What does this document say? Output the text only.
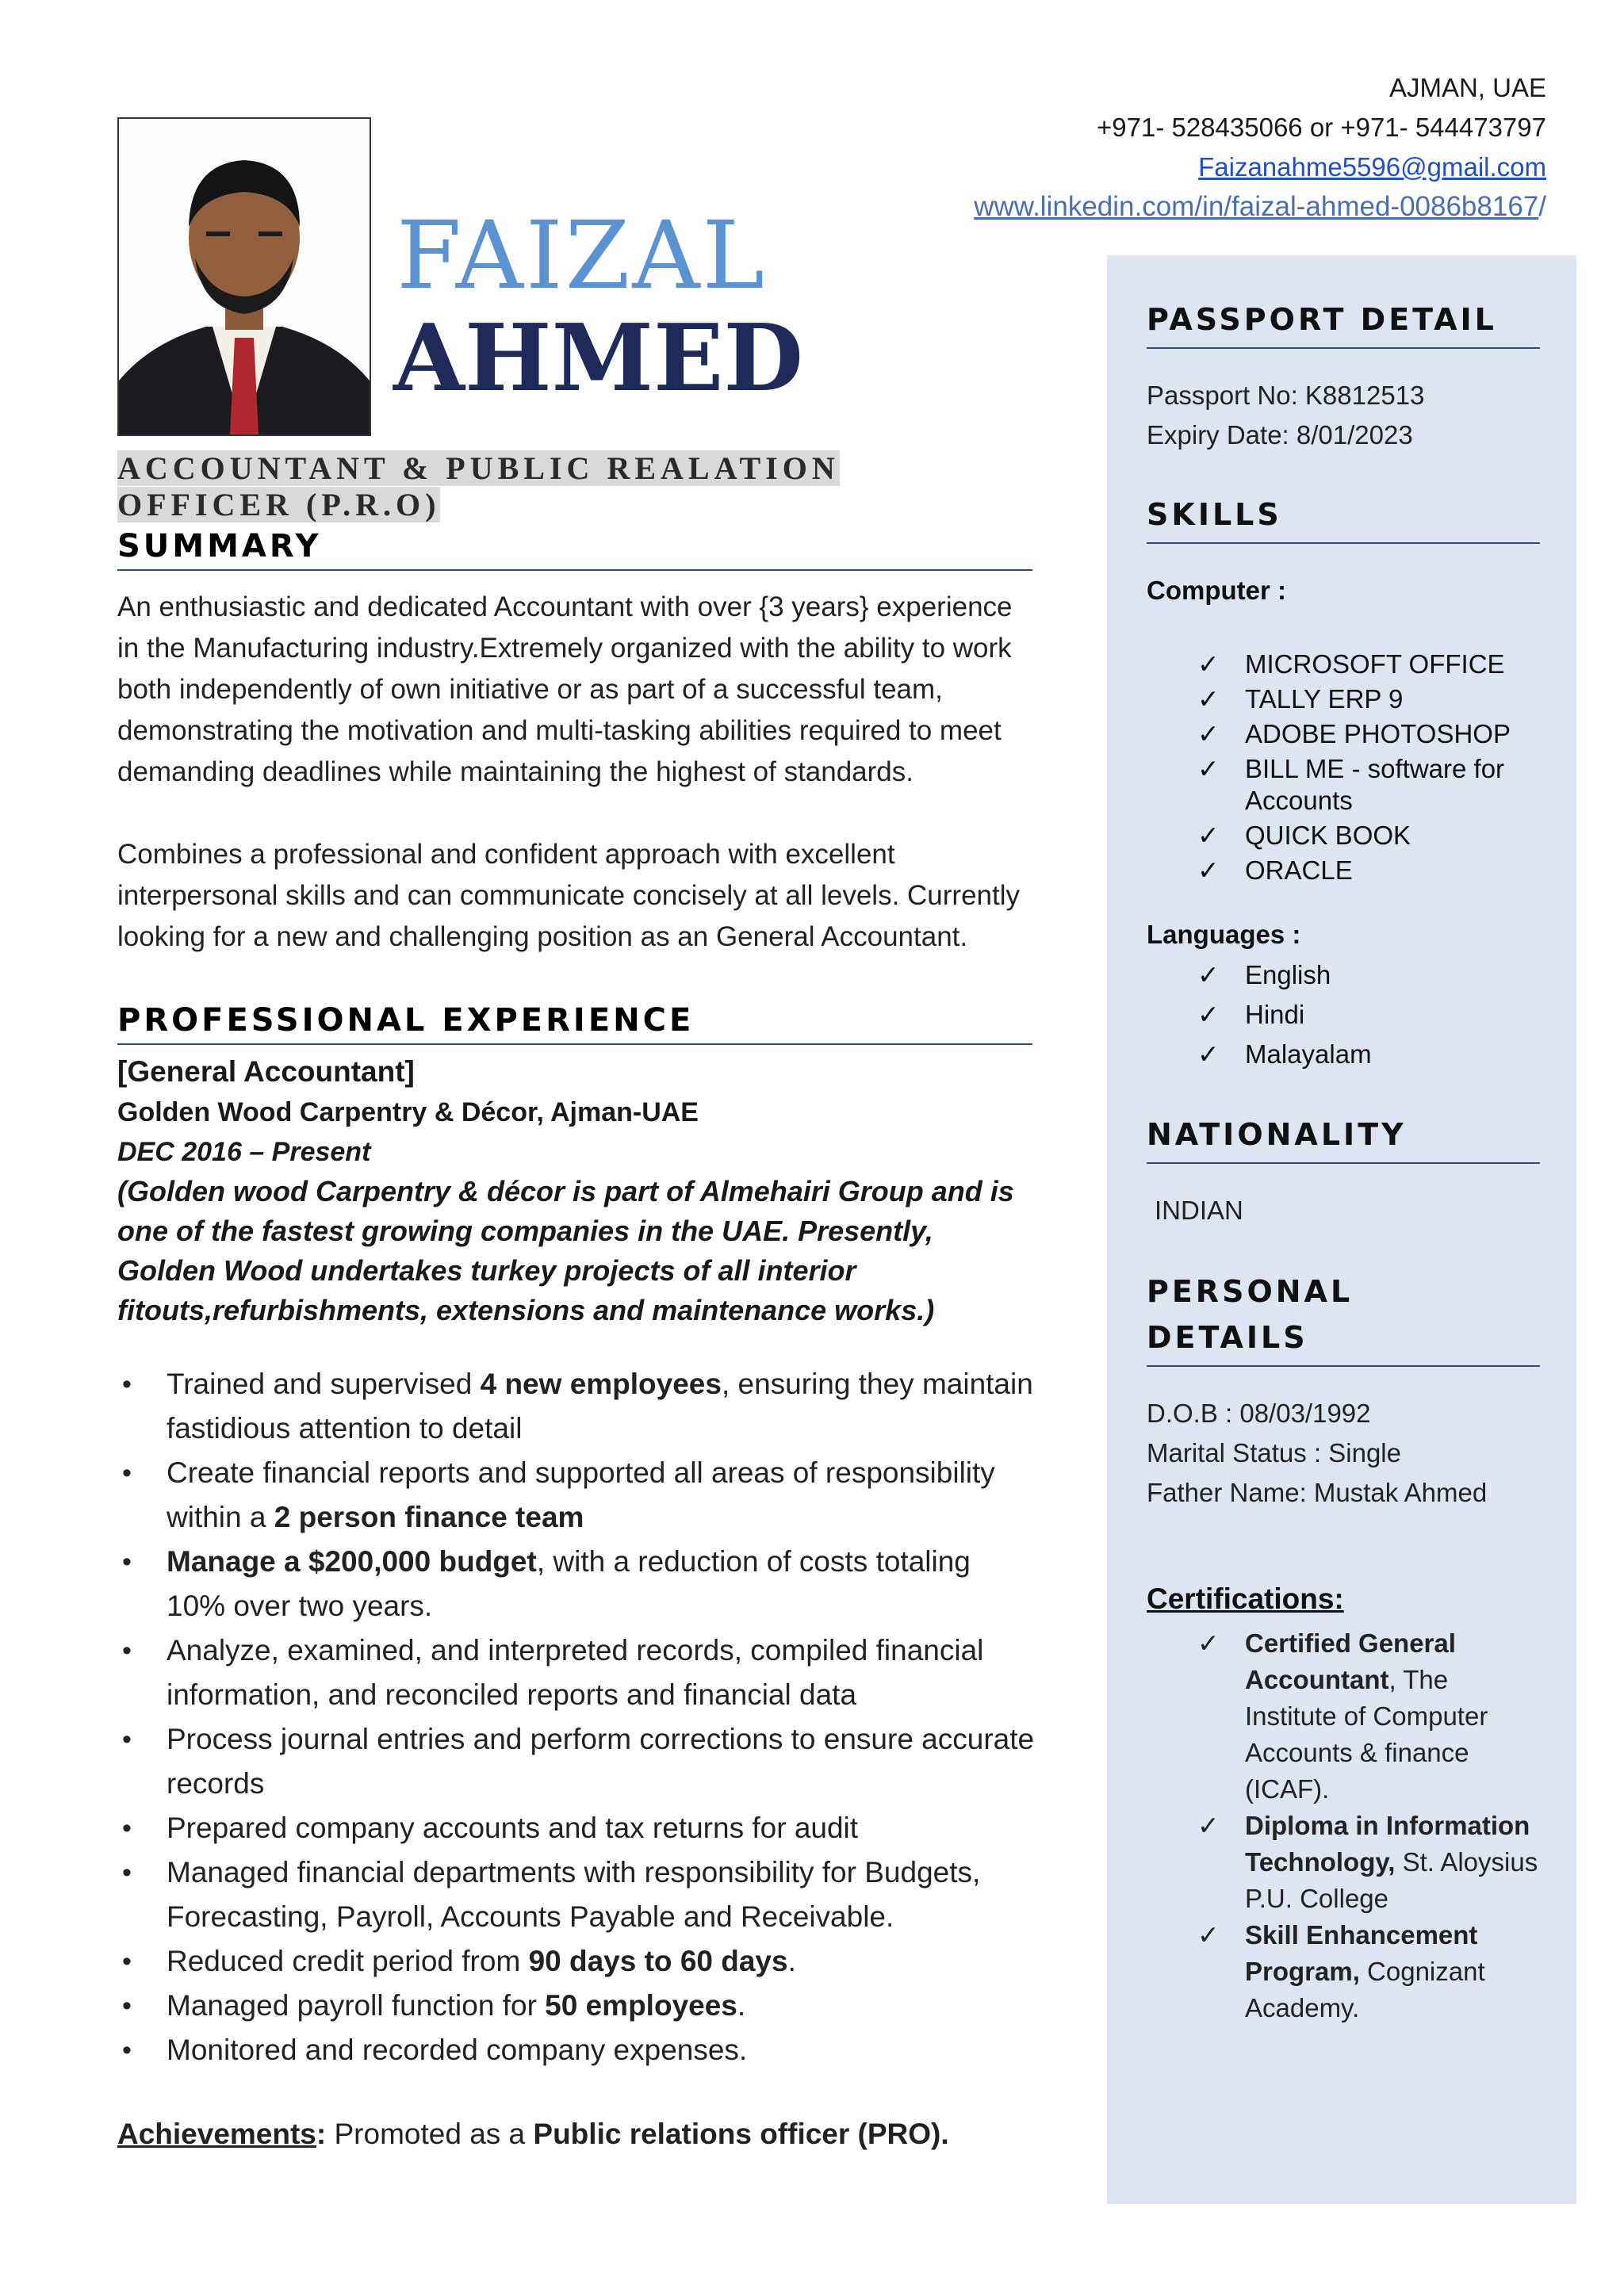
AJMAN, UAE
+971- 528435066 or +971- 544473797
Faizanahme5596@gmail.com
www.linkedin.com/in/faizal-ahmed-0086b8167/
FAIZAL
AHMED
ACCOUNTANT & PUBLIC REALATION OFFICER (P.R.O)
SUMMARY
An enthusiastic and dedicated Accountant with over {3 years} experience in the Manufacturing industry.Extremely organized with the ability to work both independently of own initiative or as part of a successful team, demonstrating the motivation and multi-tasking abilities required to meet demanding deadlines while maintaining the highest of standards.
Combines a professional and confident approach with excellent interpersonal skills and can communicate concisely at all levels. Currently looking for a new and challenging position as an General Accountant.
PROFESSIONAL EXPERIENCE
[General Accountant]
Golden Wood Carpentry & Décor, Ajman-UAE
DEC 2016 – Present
(Golden wood Carpentry & décor is part of Almehairi Group and is one of the fastest growing companies in the UAE. Presently, Golden Wood undertakes turkey projects of all interior fitouts,refurbishments, extensions and maintenance works.)
• Trained and supervised 4 new employees, ensuring they maintain fastidious attention to detail
• Create financial reports and supported all areas of responsibility within a 2 person finance team
• Manage a $200,000 budget, with a reduction of costs totaling 10% over two years.
• Analyze, examined, and interpreted records, compiled financial information, and reconciled reports and financial data
• Process journal entries and perform corrections to ensure accurate records
• Prepared company accounts and tax returns for audit
• Managed financial departments with responsibility for Budgets, Forecasting, Payroll, Accounts Payable and Receivable.
• Reduced credit period from 90 days to 60 days.
• Managed payroll function for 50 employees.
• Monitored and recorded company expenses.
Achievements: Promoted as a Public relations officer (PRO).
PASSPORT DETAIL
Passport No: K8812513
Expiry Date: 8/01/2023
SKILLS
Computer :
✓ MICROSOFT OFFICE
✓ TALLY ERP 9
✓ ADOBE PHOTOSHOP
✓ BILL ME - software for Accounts
✓ QUICK BOOK
✓ ORACLE
Languages :
✓ English
✓ Hindi
✓ Malayalam
NATIONALITY
INDIAN
PERSONAL
DETAILS
D.O.B : 08/03/1992
Marital Status : Single
Father Name: Mustak Ahmed
Certifications:
✓ Certified General Accountant, The Institute of Computer Accounts & finance (ICAF).
✓ Diploma in Information Technology, St. Aloysius P.U. College
✓ Skill Enhancement Program, Cognizant Academy.
